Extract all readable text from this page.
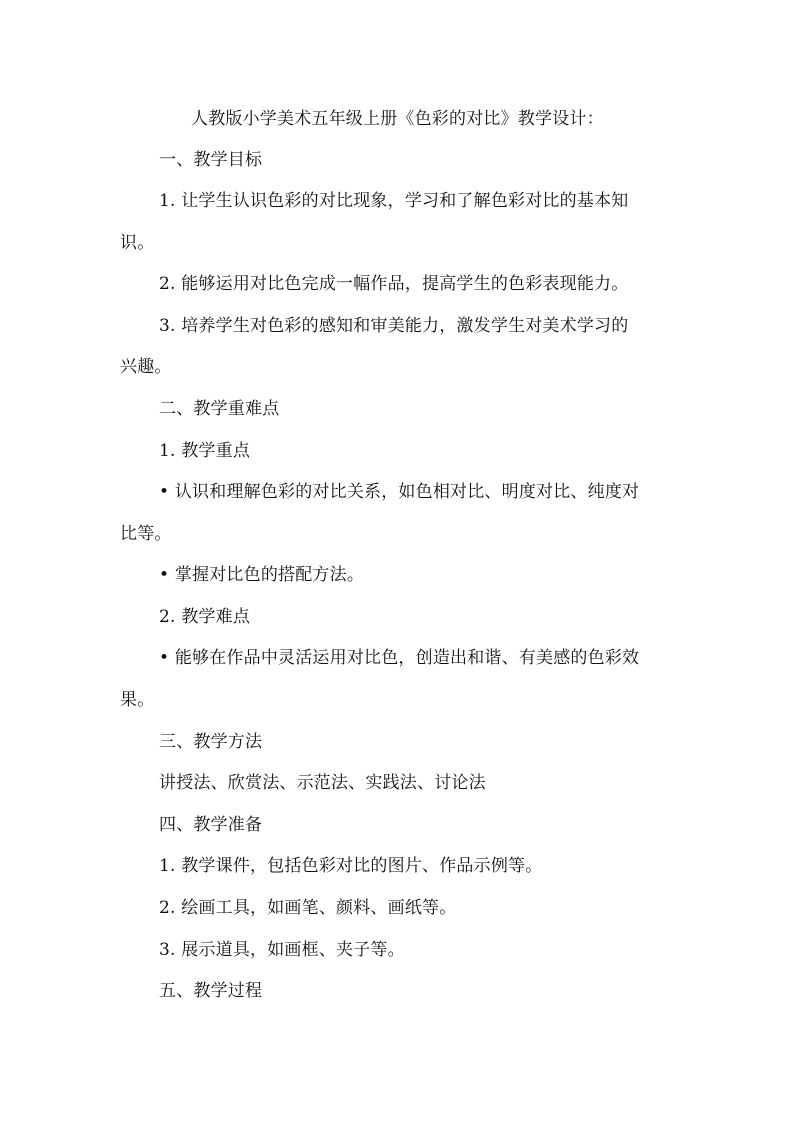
人教版小学美术五年级上册《色彩的对比》教学设计：
一、教学目标
1. 让学生认识色彩的对比现象，学习和了解色彩对比的基本知
识。
2. 能够运用对比色完成一幅作品，提高学生的色彩表现能力。
3. 培养学生对色彩的感知和审美能力，激发学生对美术学习的
兴趣。
二、教学重难点
1. 教学重点
• 认识和理解色彩的对比关系，如色相对比、明度对比、纯度对
比等。
• 掌握对比色的搭配方法。
2. 教学难点
• 能够在作品中灵活运用对比色，创造出和谐、有美感的色彩效
果。
三、教学方法
讲授法、欣赏法、示范法、实践法、讨论法
四、教学准备
1. 教学课件，包括色彩对比的图片、作品示例等。
2. 绘画工具，如画笔、颜料、画纸等。
3. 展示道具，如画框、夹子等。
五、教学过程
